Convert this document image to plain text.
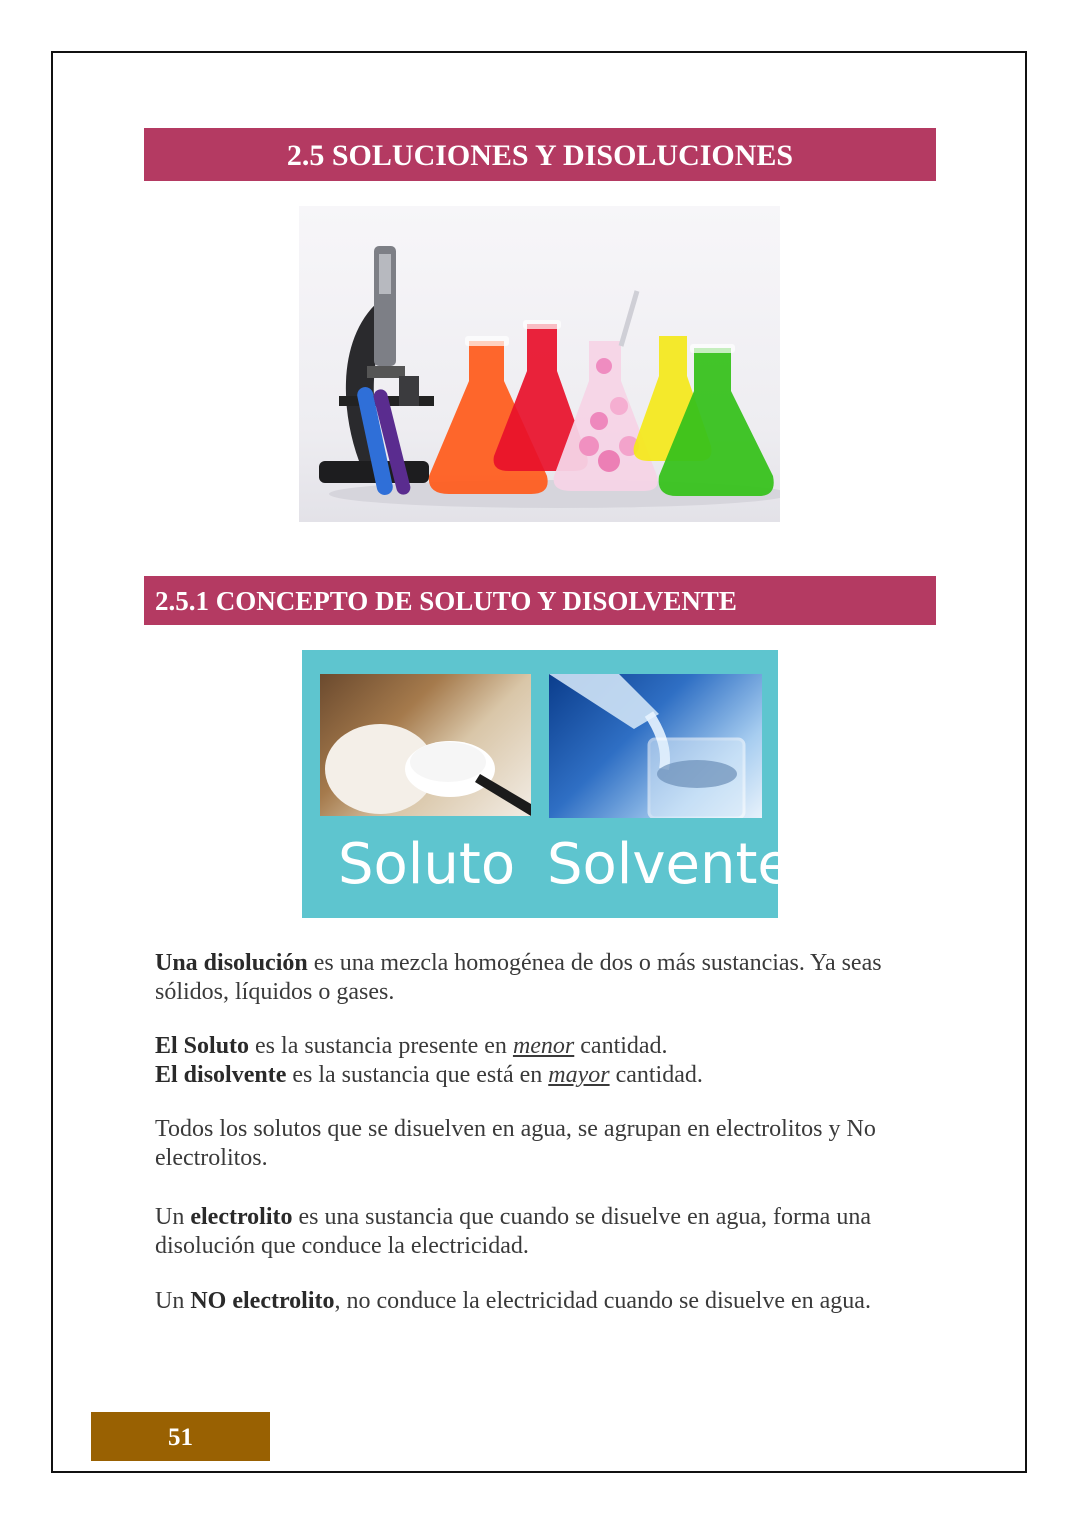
2.5 SOLUCIONES Y DISOLUCIONES
2.5.1 CONCEPTO DE SOLUTO Y DISOLVENTE
Soluto Solvente
Una disolución es una mezcla homogénea de dos o más sustancias. Ya seas sólidos, líquidos o gases.
El Soluto es la sustancia presente en menor cantidad.
El disolvente es la sustancia que está en mayor cantidad.
Todos los solutos que se disuelven en agua, se agrupan en electrolitos y No electrolitos.
Un electrolito es una sustancia que cuando se disuelve en agua, forma una disolución que conduce la electricidad.
Un NO electrolito, no conduce la electricidad cuando se disuelve en agua.
51
